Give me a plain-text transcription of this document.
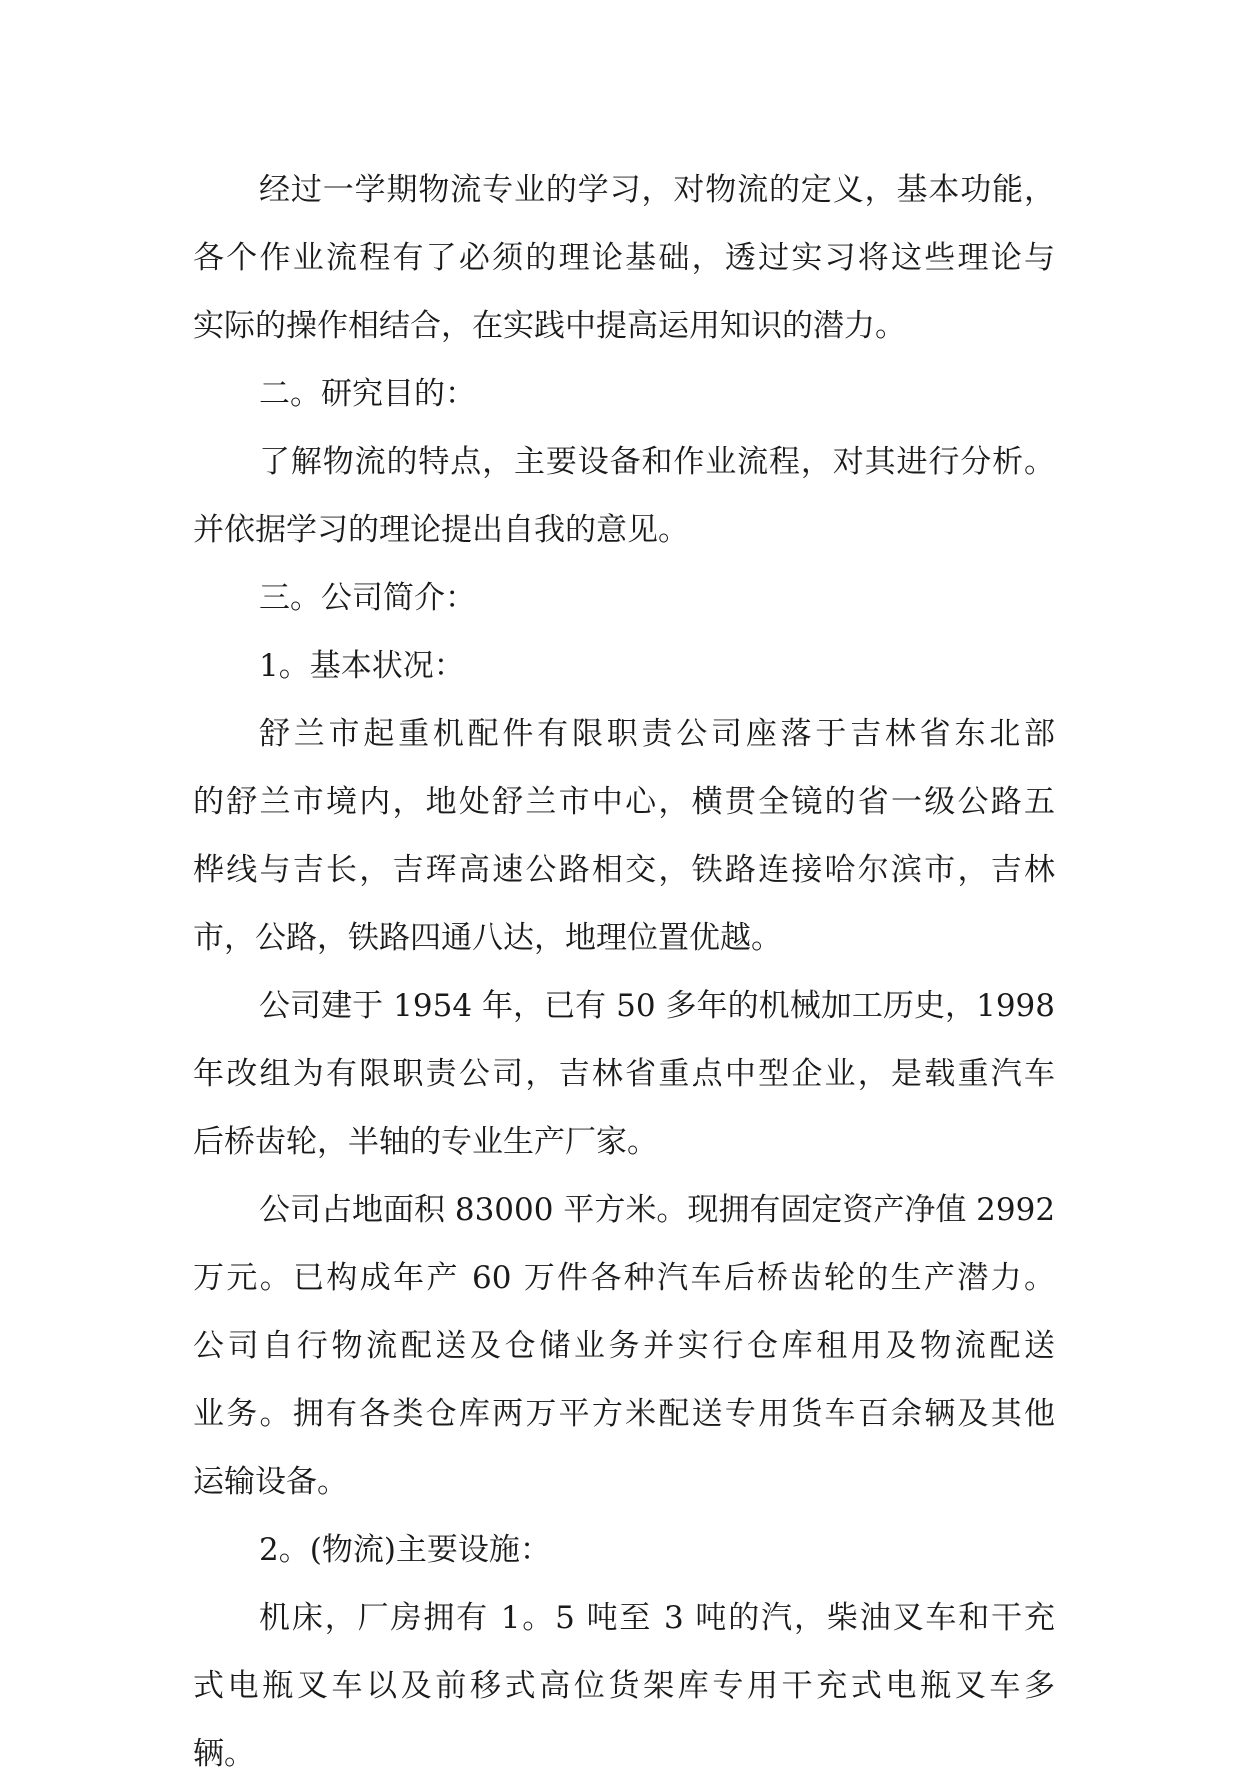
经过一学期物流专业的学习，对物流的定义，基本功能，
各个作业流程有了必须的理论基础，透过实习将这些理论与
实际的操作相结合，在实践中提高运用知识的潜力。
二。研究目的：
了解物流的特点，主要设备和作业流程，对其进行分析。
并依据学习的理论提出自我的意见。
三。公司简介：
1。基本状况：
舒兰市起重机配件有限职责公司座落于吉林省东北部
的舒兰市境内，地处舒兰市中心，横贯全镜的省一级公路五
桦线与吉长，吉珲高速公路相交，铁路连接哈尔滨市，吉林
市，公路，铁路四通八达，地理位置优越。
公司建于 1954 年，已有 50 多年的机械加工历史，1998
年改组为有限职责公司，吉林省重点中型企业，是载重汽车
后桥齿轮，半轴的专业生产厂家。
公司占地面积 83000 平方米。现拥有固定资产净值 2992
万元。已构成年产 60 万件各种汽车后桥齿轮的生产潜力。
公司自行物流配送及仓储业务并实行仓库租用及物流配送
业务。拥有各类仓库两万平方米配送专用货车百余辆及其他
运输设备。
2。(物流)主要设施：
机床，厂房拥有 1。5 吨至 3 吨的汽，柴油叉车和干充
式电瓶叉车以及前移式高位货架库专用干充式电瓶叉车多
辆。
